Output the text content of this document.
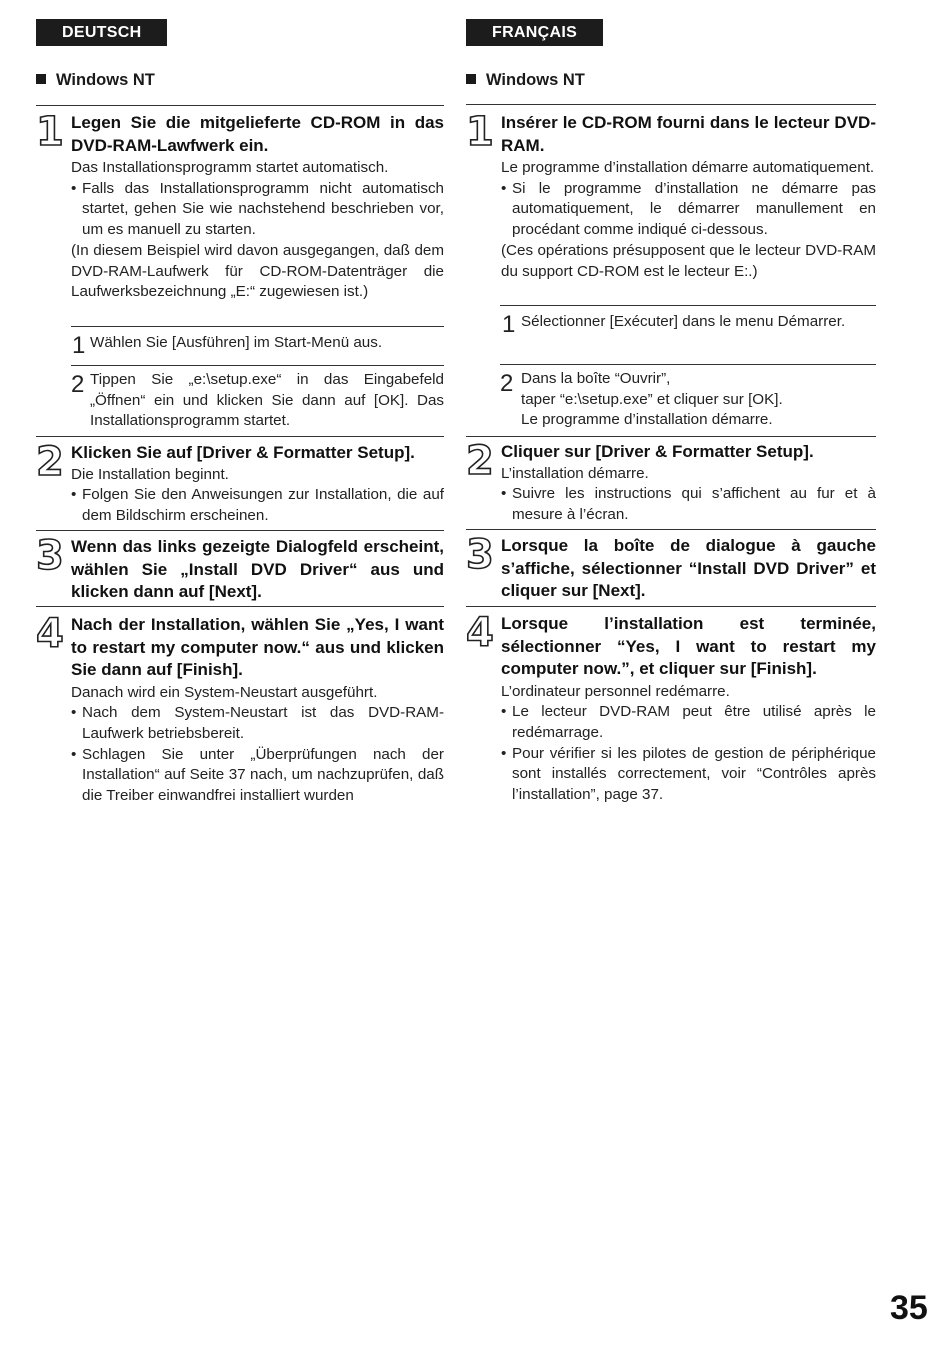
DEUTSCH
Windows NT
1 Legen Sie die mitgelieferte CD-ROM in das DVD-RAM-Lawfwerk ein.
Das Installationsprogramm startet automatisch.
• Falls das Installationsprogramm nicht automatisch startet, gehen Sie wie nachstehend beschrieben vor, um es manuell zu starten.
(In diesem Beispiel wird davon ausgegangen, daß dem DVD-RAM-Laufwerk für CD-ROM-Datenträger die Laufwerksbezeichnung „E:“ zugewiesen ist.)
1 Wählen Sie [Ausführen] im Start-Menü aus.
2 Tippen Sie „e:\setup.exe“ in das Eingabefeld „Öffnen“ ein und klicken Sie dann auf [OK]. Das Installationsprogramm startet.
2 Klicken Sie auf [Driver & Formatter Setup].
Die Installation beginnt.
• Folgen Sie den Anweisungen zur Installation, die auf dem Bildschirm erscheinen.
3 Wenn das links gezeigte Dialogfeld erscheint, wählen Sie „Install DVD Driver“ aus und klicken dann auf [Next].
4 Nach der Installation, wählen Sie „Yes, I want to restart my computer now.“ aus und klicken Sie dann auf [Finish].
Danach wird ein System-Neustart ausgeführt.
• Nach dem System-Neustart ist das DVD-RAM-Laufwerk betriebsbereit.
• Schlagen Sie unter „Überprüfungen nach der Installation“ auf Seite 37 nach, um nachzuprüfen, daß die Treiber einwandfrei installiert wurden
FRANÇAIS
Windows NT
1 Insérer le CD-ROM fourni dans le lecteur DVD-RAM.
Le programme d’installation démarre automatiquement.
• Si le programme d’installation ne démarre pas automatiquement, le démarrer manullement en procédant comme indiqué ci-dessous.
(Ces opérations présupposent que le lecteur DVD-RAM du support CD-ROM est le lecteur E:.)
1 Sélectionner [Exécuter] dans le menu Démarrer.
2 Dans la boîte “Ouvrir”,
taper “e:\setup.exe” et cliquer sur [OK].
Le programme d’installation démarre.
2 Cliquer sur [Driver & Formatter Setup].
L’installation démarre.
• Suivre les instructions qui s’affichent au fur et à mesure à l’écran.
3 Lorsque la boîte de dialogue à gauche s’affiche, sélectionner “Install DVD Driver” et cliquer sur [Next].
4 Lorsque l’installation est terminée, sélectionner “Yes, I want to restart my computer now.”, et cliquer sur [Finish].
L’ordinateur personnel redémarre.
• Le lecteur DVD-RAM peut être utilisé après le redémarrage.
• Pour vérifier si les pilotes de gestion de périphérique sont installés correctement, voir “Contrôles après l’installation”, page 37.
35
